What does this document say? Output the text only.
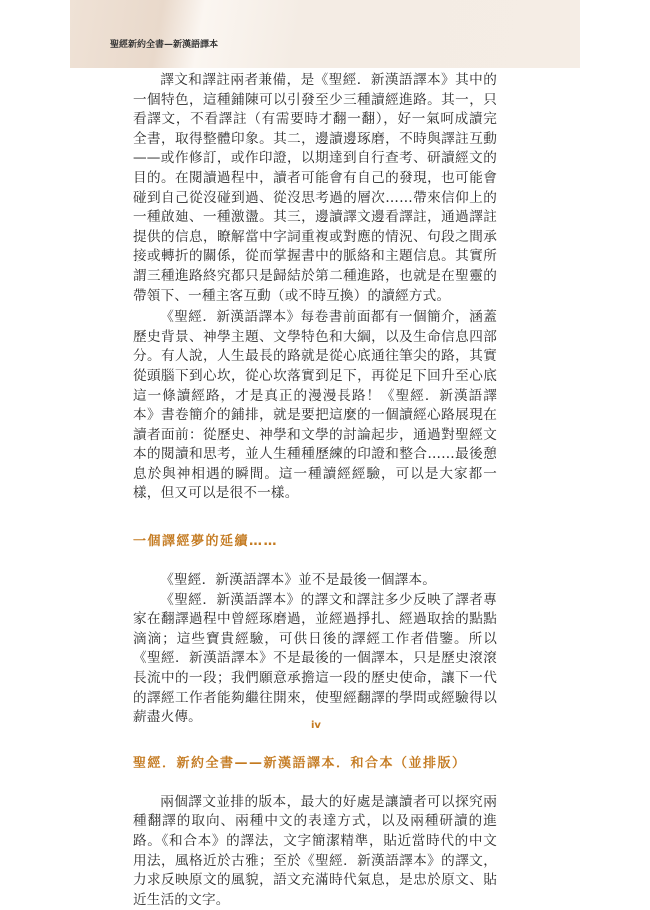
聖經新約全書—新漢語譯本

譯文和譯註兩者兼備，是《聖經．新漢語譯本》其中的一個特色，這種鋪陳可以引發至少三種讀經進路。其一，只看譯文，不看譯註（有需要時才翻一翻），好一氣呵成讀完全書，取得整體印象。其二，邊讀邊琢磨，不時與譯註互動——或作修訂，或作印證，以期達到自行查考、研讀經文的目的。在閱讀過程中，讀者可能會有自己的發現，也可能會碰到自己從沒碰到過、從沒思考過的層次……帶來信仰上的一種啟廸、一種激盪。其三，邊讀譯文邊看譯註，通過譯註提供的信息，瞭解當中字詞重複或對應的情況、句段之間承接或轉折的關係，從而掌握書中的脈絡和主題信息。其實所謂三種進路終究都只是歸結於第二種進路，也就是在聖靈的帶領下、一種主客互動（或不時互換）的讀經方式。

《聖經．新漢語譯本》每卷書前面都有一個簡介，涵蓋歷史背景、神學主題、文學特色和大綱，以及生命信息四部分。有人說，人生最長的路就是從心底通往筆尖的路，其實從頭腦下到心坎，從心坎落實到足下，再從足下回升至心底這一條讀經路，才是真正的漫漫長路！《聖經．新漢語譯本》書卷簡介的鋪排，就是要把這麼的一個讀經心路展現在讀者面前：從歷史、神學和文學的討論起步，通過對聖經文本的閱讀和思考，並人生種種歷練的印證和整合……最後憩息於與神相遇的瞬間。這一種讀經經驗，可以是大家都一樣，但又可以是很不一樣。

一個譯經夢的延續……

《聖經．新漢語譯本》並不是最後一個譯本。

《聖經．新漢語譯本》的譯文和譯註多少反映了譯者專家在翻譯過程中曾經琢磨過，並經過掙扎、經過取捨的點點滴滴；這些寶貴經驗，可供日後的譯經工作者借鑒。所以《聖經．新漢語譯本》不是最後的一個譯本，只是歷史滾滾長流中的一段；我們願意承擔這一段的歷史使命，讓下一代的譯經工作者能夠繼往開來，使聖經翻譯的學問或經驗得以薪盡火傳。

聖經．新約全書——新漢語譯本．和合本（並排版）

兩個譯文並排的版本，最大的好處是讓讀者可以探究兩種翻譯的取向、兩種中文的表達方式，以及兩種研讀的進路。《和合本》的譯法，文字簡潔精準，貼近當時代的中文用法，風格近於古雅；至於《聖經．新漢語譯本》的譯文，力求反映原文的風貌，語文充滿時代氣息，是忠於原文、貼近生活的文字。

iv
